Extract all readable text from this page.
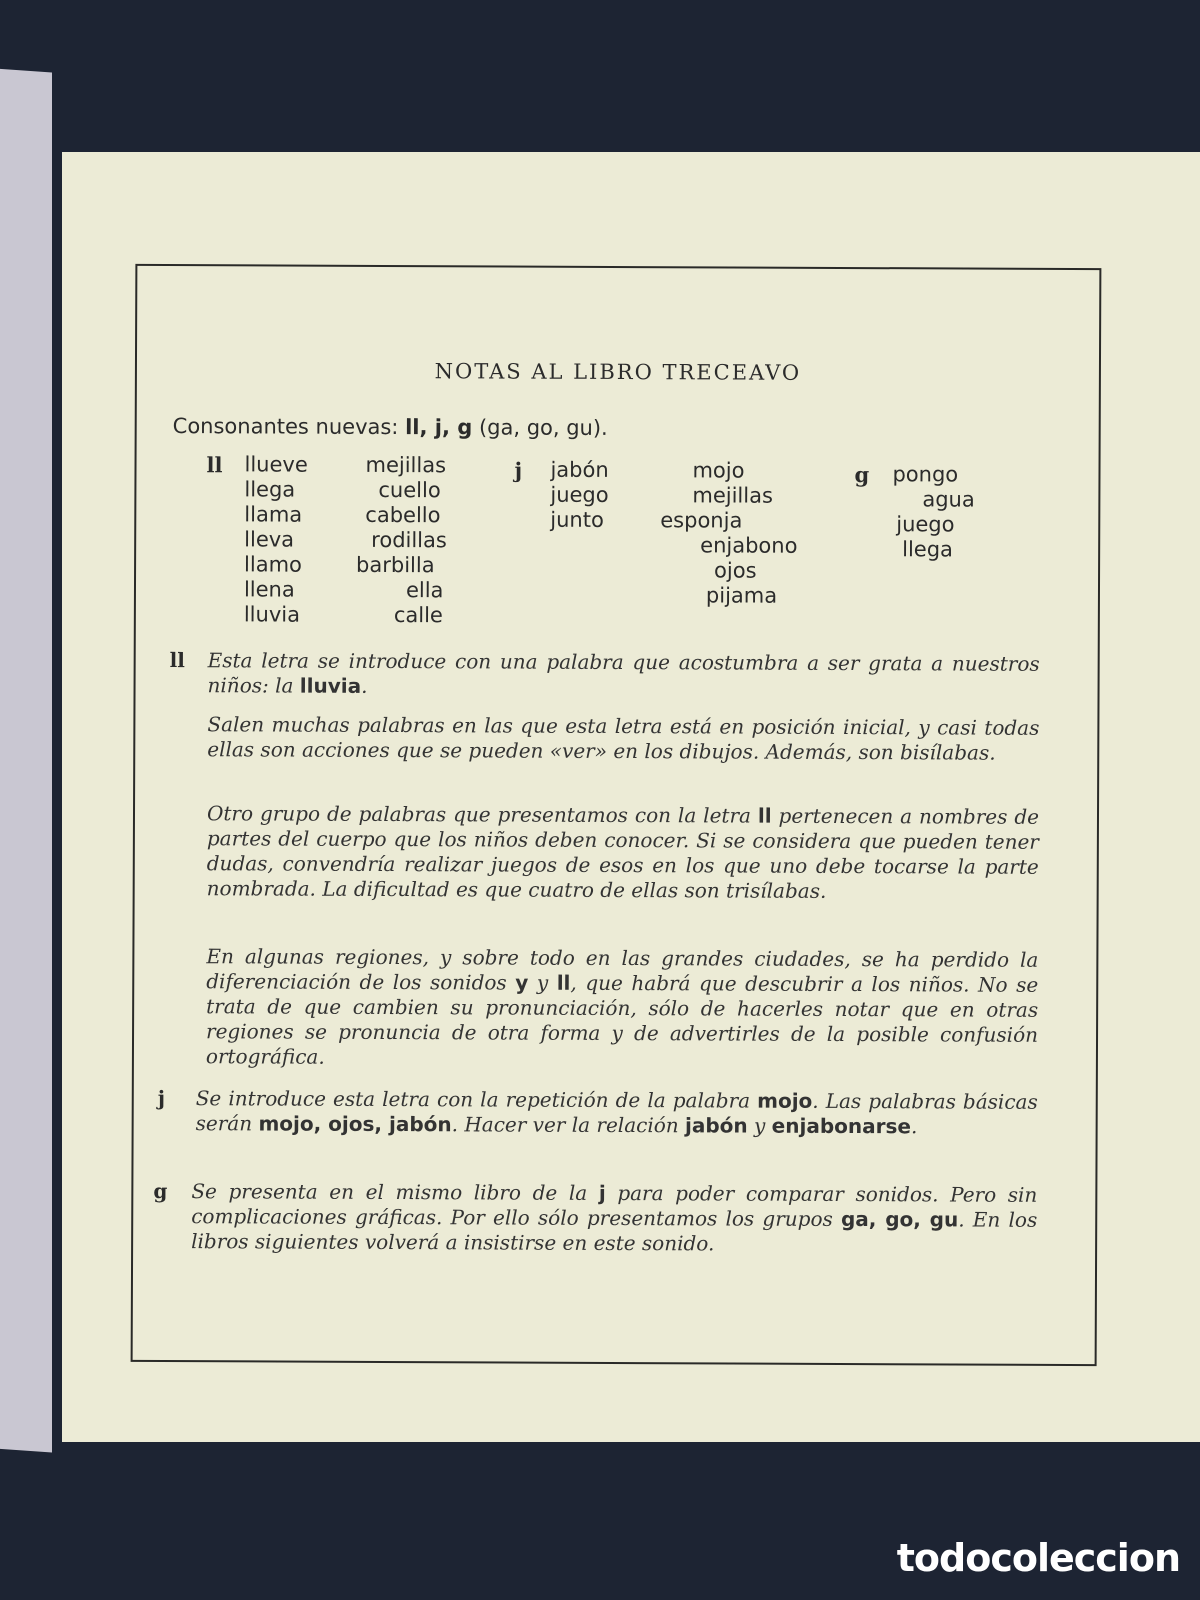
NOTAS AL LIBRO TRECEAVO
Consonantes nuevas: ll, j, g (ga, go, gu).
ll llueve
llega
llama
lleva
llamo
llena
lluvia
mejillas
cuello
cabello
rodillas
barbilla
ella
calle
j jabón
juego
junto
mojo
mejillas
esponja
enjabono
ojos
pijama
g pongo
agua
juego
llega
ll Esta letra se introduce con una palabra que acostumbra a ser grata a nuestros niños: la lluvia.
Salen muchas palabras en las que esta letra está en posición inicial, y casi todas ellas son acciones que se pueden «ver» en los dibujos. Además, son bisílabas.
Otro grupo de palabras que presentamos con la letra ll pertenecen a nombres de partes del cuerpo que los niños deben conocer. Si se considera que pueden tener dudas, convendría realizar juegos de esos en los que uno debe tocarse la parte nombrada. La dificultad es que cuatro de ellas son trisílabas.
En algunas regiones, y sobre todo en las grandes ciudades, se ha perdido la diferenciación de los sonidos y y ll, que habrá que descubrir a los niños. No se trata de que cambien su pronunciación, sólo de hacerles notar que en otras regiones se pronuncia de otra forma y de advertirles de la posible confusión ortográfica.
j Se introduce esta letra con la repetición de la palabra mojo. Las palabras básicas serán mojo, ojos, jabón. Hacer ver la relación jabón y enjabonarse.
g Se presenta en el mismo libro de la j para poder comparar sonidos. Pero sin complicaciones gráficas. Por ello sólo presentamos los grupos ga, go, gu. En los libros siguientes volverá a insistirse en este sonido.
todocoleccion
